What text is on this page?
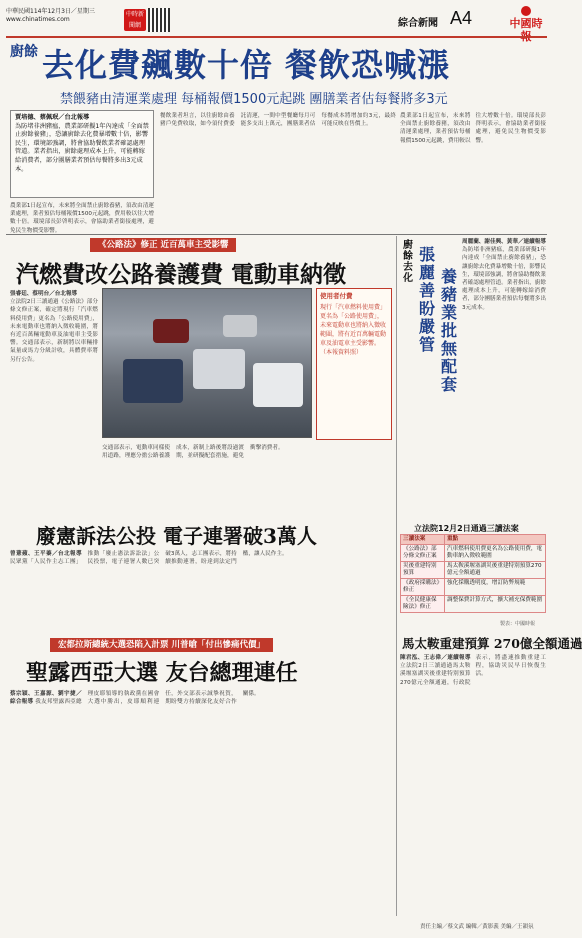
中華民國114年12月3日／星期三
www.chinatimes.com
中時新聞網	綜合新聞 A4	中國時報
廚餘 去化費飆數十倍 餐飲恐喊漲
禁餵豬由清運業處理 每桶報價1500元起跳 團膳業者估每餐將多3元
賈培德、蔡佩珉／台北報導
為防堵非洲豬瘟，農業部研擬1年內達成「全面禁止廚餘養豬」，恐讓廚餘去化費暴增數十倍，影響民生，環境部強調，將會協助餐飲業者確認處理管道。業者指出，廚餘處理成本上升，可能轉嫁給消費者，部分團膳業者預估每餐將多出3元成本。
農業部1日起宣布，未來將全面禁止廚餘養豬，須改由清運業處理，業者預估每桶報價1500元起跳，費用較以往大增數十倍。環境部長彭啓明表示，會協助業者銜接處理，避免民生物價受影響。
餐飲業者坦言，以往廚餘由養豬戶免費收取，如今須付費委託清運，一間中型餐廳每月可能多支出上萬元，團膳業者估每餐成本將增加約3元，最終可能反映在售價上。
農業部1日起宣布，未來將全面禁止廚餘養豬，須改由清運業處理，業者預估每桶報價1500元起跳，費用較以往大增數十倍。環境部長彭啓明表示，會協助業者銜接處理，避免民生物價受影響。
《公路法》修正 近百萬車主受影響
汽燃費改公路養護費 電動車納徵
張睿廷、蔡明台／台北報導
立法院2日三讀通過《公路法》部分條文修正案，確定將現行「汽車燃料使用費」更名為「公路使用費」，未來電動車也將納入徵收範圍，將有近百萬輛電動車及油電車主受影響。交通部表示，新制將以車輛排氣量或馬力分級計收，具體費率將另行公告。
使用者付費
現行「汽車燃料使用費」更名為「公路使用費」，未來電動車也將納入徵收範圍，將有近百萬輛電動車及油電車主受影響。（本報資料照）
交通部表示，電動車同樣使用道路，理應分擔公路養護成本，新制上路後將設過渡期，並研擬配套措施，避免衝擊消費者。
廢憲訴法公投 電子連署破3萬人
曾薏蘋、王平蓁／台北報導 民眾黨「人民作主志工團」推動「廢止憲法訴訟法」公民投票，電子連署人數已突破3萬人，志工團表示，將持續推動連署，盼達到法定門檻，讓人民作主。
宏都拉斯總統大選恐陷入計票 川普嗆「付出慘痛代價」
聖露西亞大選 友台總理連任
蔡宗穎、王嘉源、劉宇捷／綜合報導 我友邦聖露西亞總理皮耶領導的執政黨在國會大選中勝出，皮耶順利連任，外交部表示誠摯祝賀，期盼雙方持續深化友好合作關係。
廚餘去化
張麗善盼嚴管
養豬業批無配套
周麗蘭、謝佳興、黃華／連續報導
為防堵非洲豬瘟，農業部研擬1年內達成「全面禁止廚餘養豬」，恐讓廚餘去化費暴增數十倍，影響民生，環境部強調，將會協助餐飲業者確認處理管道。業者指出，廚餘處理成本上升，可能轉嫁給消費者，部分團膳業者預估每餐將多出3元成本。
立法院12月2日通過三讀法案
三讀法案	重點
《公路法》部分條文修正案	汽車燃料使用費更名為公路使用費，電動車納入徵收範圍
災後重建特別預算	馬太鞍溪堰塞湖災後重建特別預算270億元全額通過
《政府採購法》修正	強化採購透明度，增訂防弊規範
《全民健康保險法》修正	調整保費計算方式，擴大補充保費範圍
製表：中國時報
馬太鞍重建預算 270億全額通過
陳君泓、王志偉／連續報導 立法院2日三讀通過馬太鞍溪堰塞湖災後重建特別預算270億元全額通過，行政院表示，將盡速推動重建工程，協助災民早日恢復生活。
責任主編／蔡文武 編輯／黃影義 美編／王韻氛
